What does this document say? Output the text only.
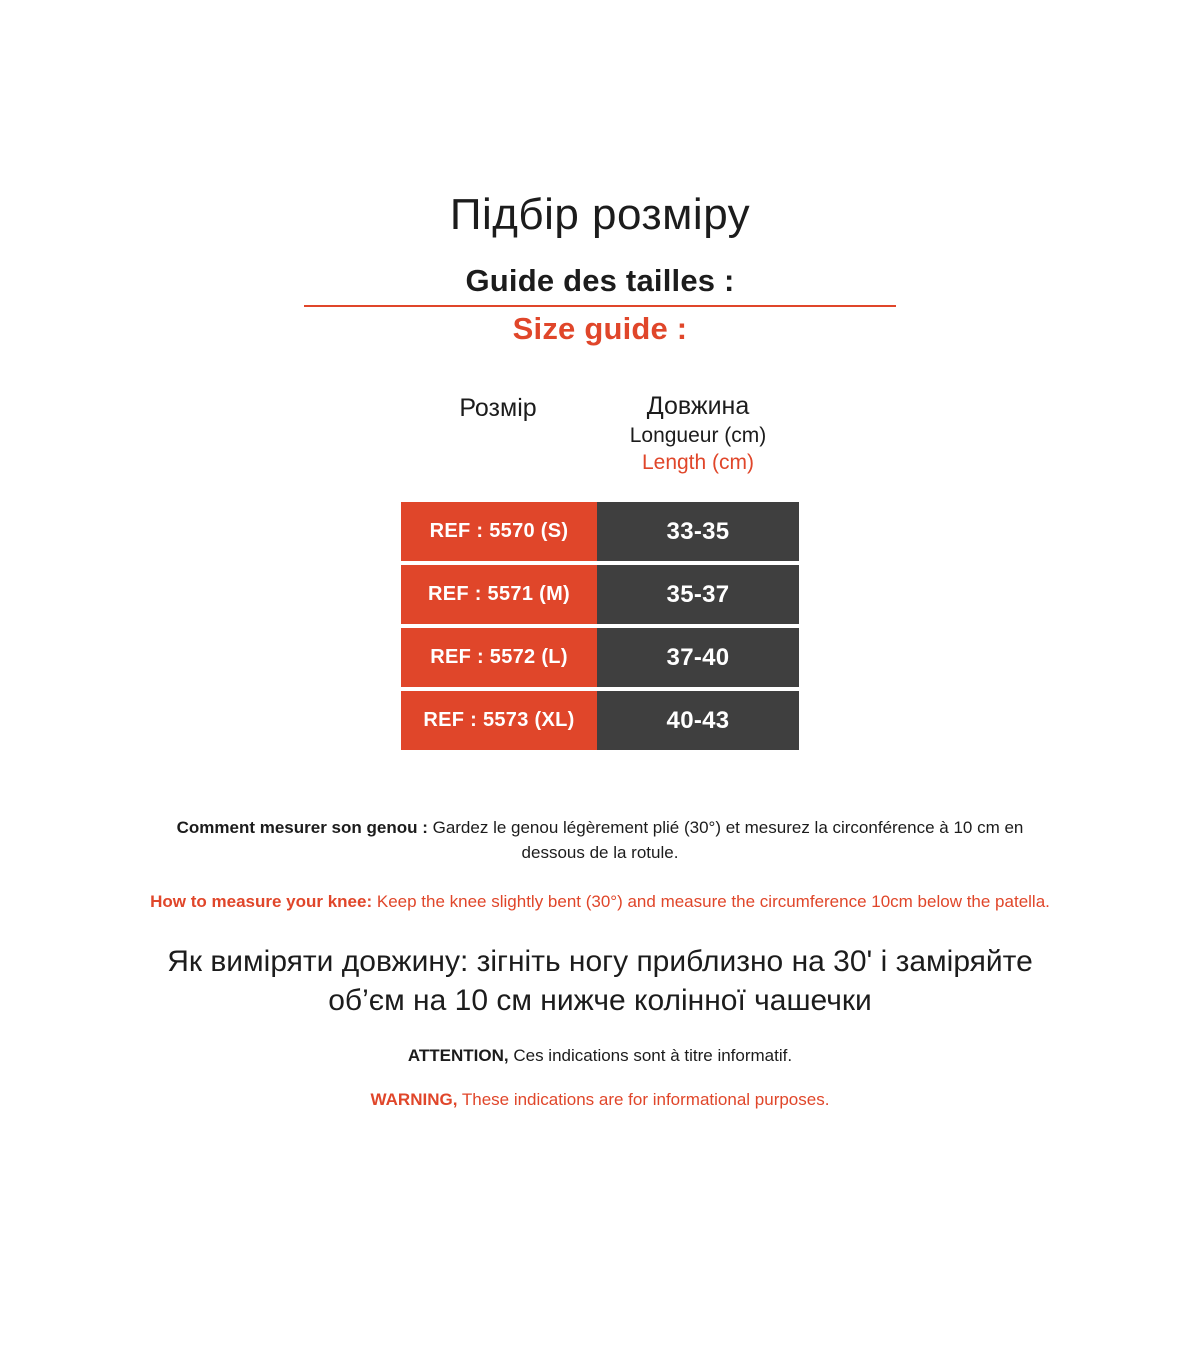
Підбір розміру
Guide des tailles :
Size guide :
Розмір	Довжина
Longueur (cm)
Length (cm)
REF : 5570 (S)	33-35
REF : 5571 (M)	35-37
REF : 5572 (L)	37-40
REF : 5573 (XL)	40-43
Comment mesurer son genou : Gardez le genou légèrement plié (30°) et mesurez la circonférence à 10 cm en dessous de la rotule.
How to measure your knee: Keep the knee slightly bent (30°) and measure the circumference 10cm below the patella.
Як виміряти довжину: зігніть ногу приблизно на 30' і заміряйте об’єм на 10 см нижче колінної чашечки
ATTENTION, Ces indications sont à titre informatif.
WARNING, These indications are for informational purposes.
